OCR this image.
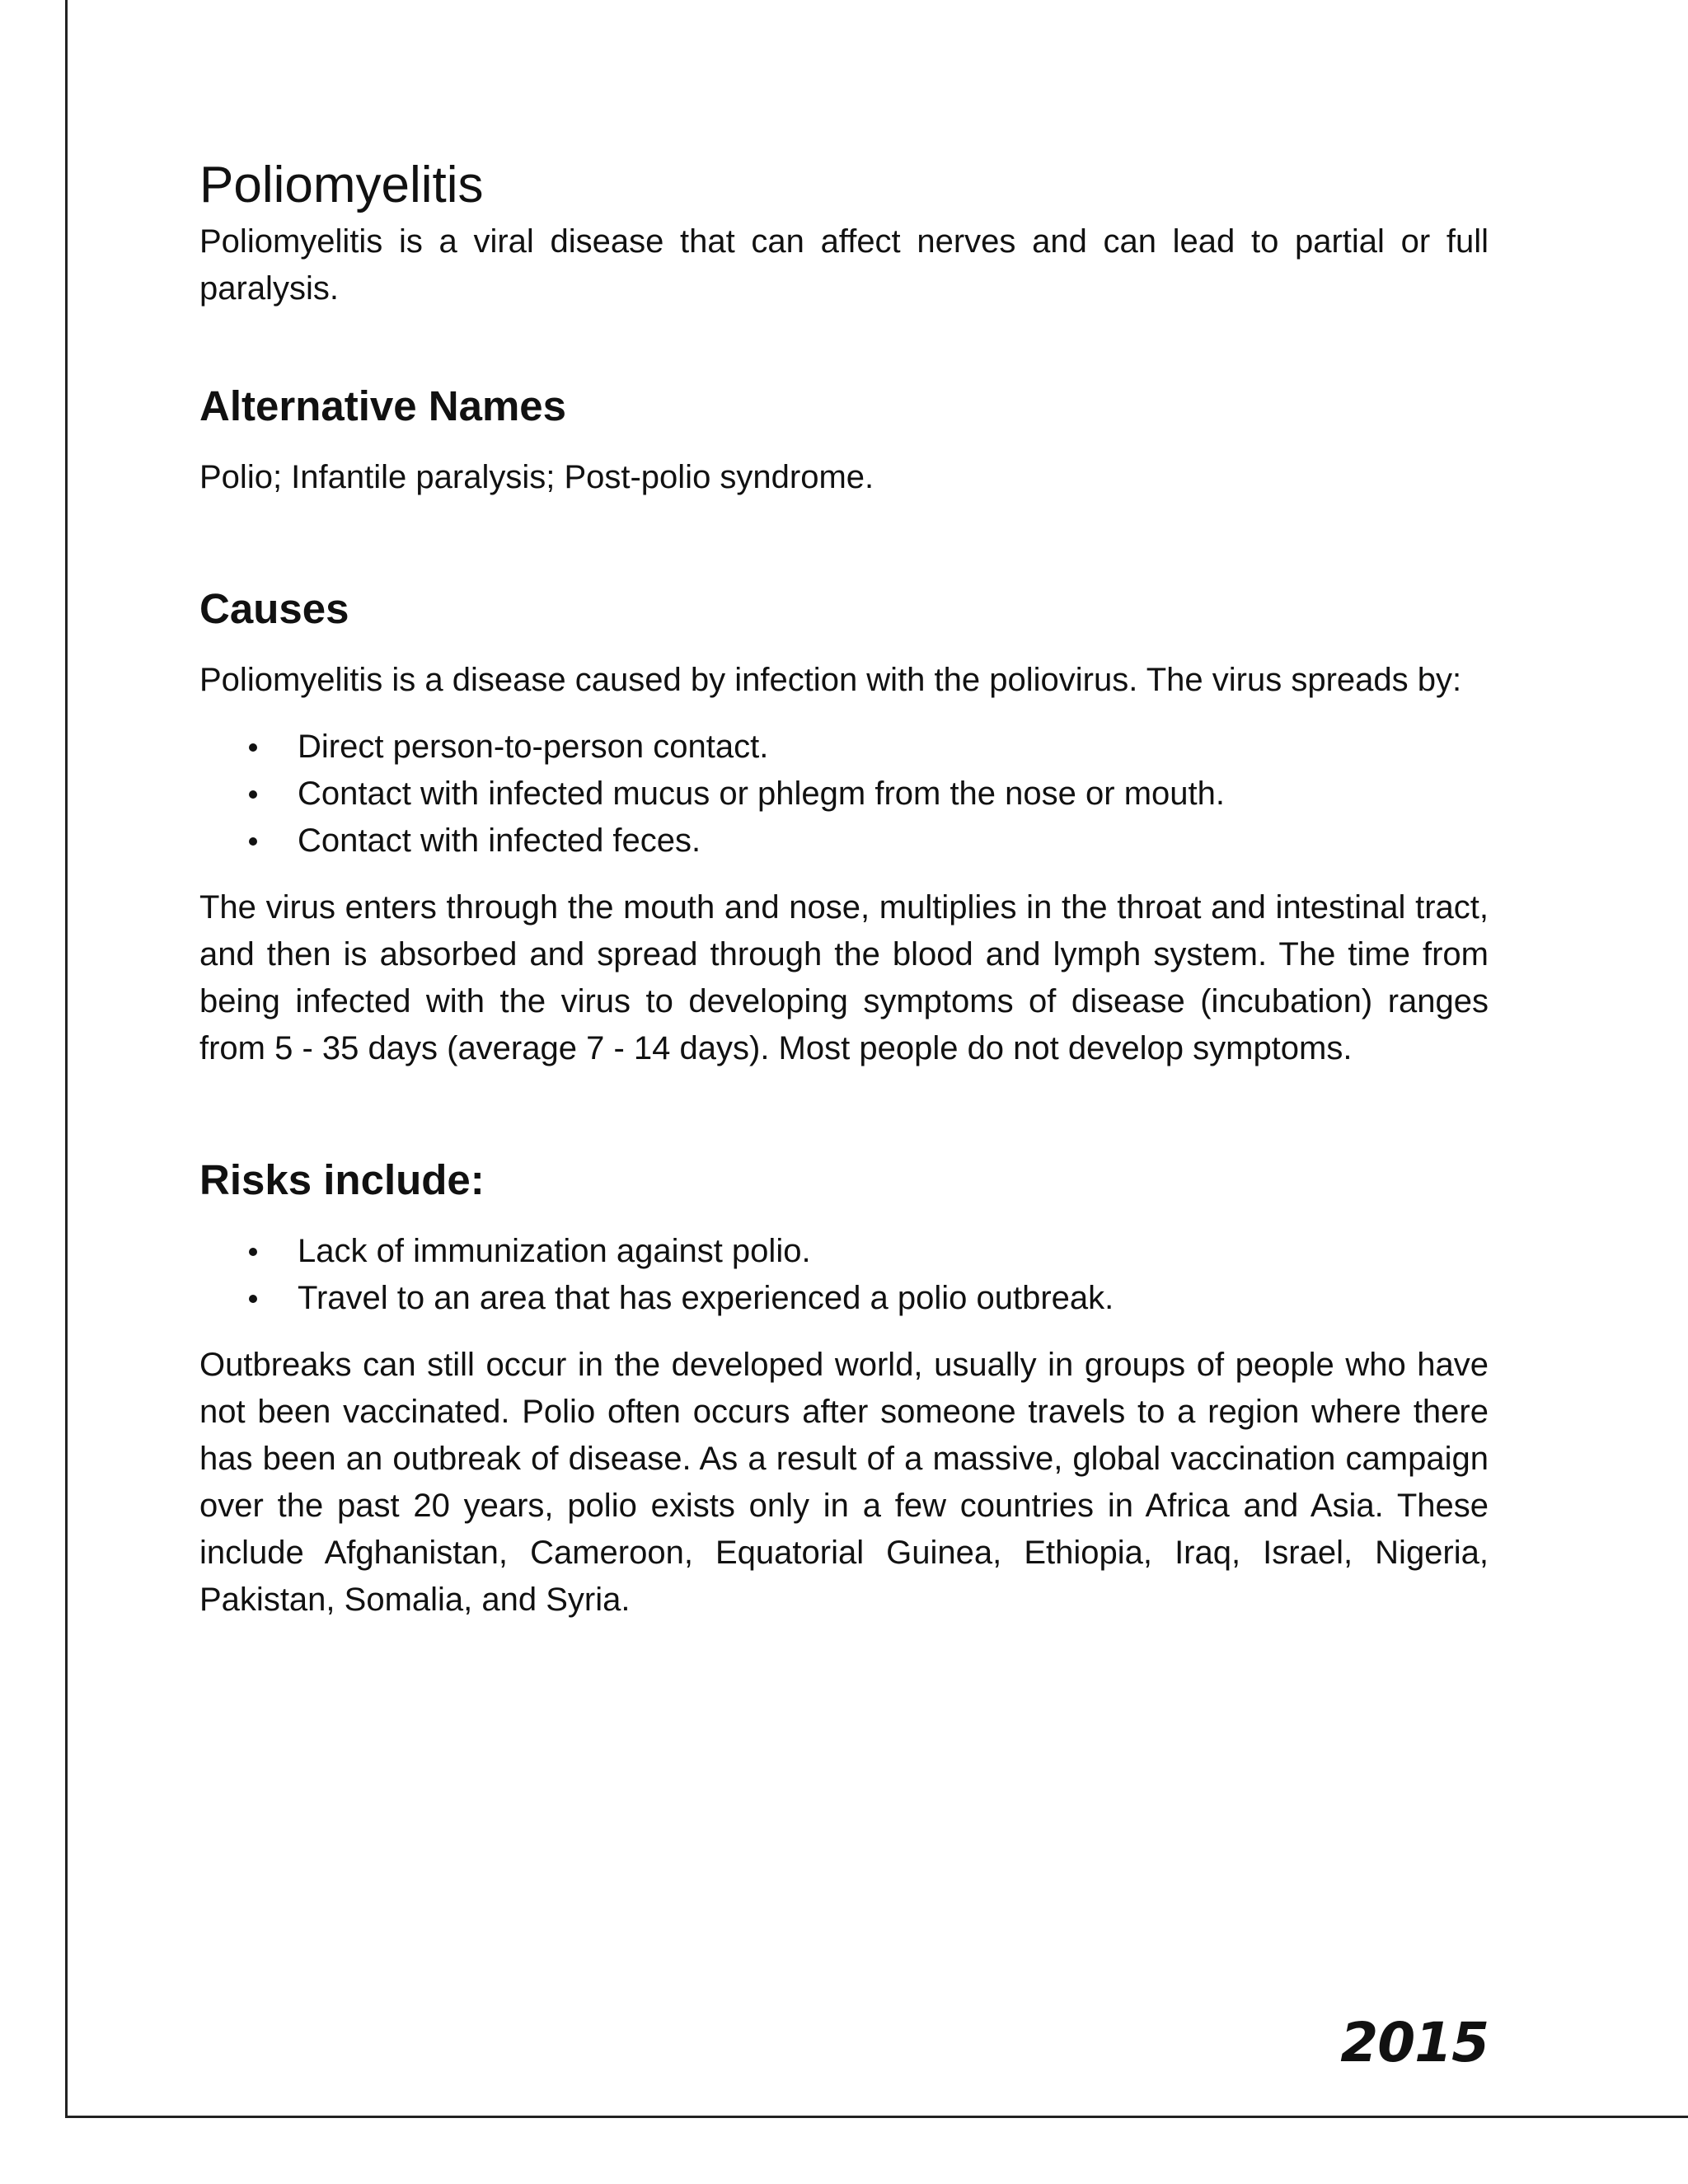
Poliomyelitis

Poliomyelitis is a viral disease that can affect nerves and can lead to partial or full paralysis.

Alternative Names

Polio; Infantile paralysis; Post-polio syndrome.

Causes

Poliomyelitis is a disease caused by infection with the poliovirus. The virus spreads by:

Direct person-to-person contact.
Contact with infected mucus or phlegm from the nose or mouth.
Contact with infected feces.

The virus enters through the mouth and nose, multiplies in the throat and intestinal tract, and then is absorbed and spread through the blood and lymph system. The time from being infected with the virus to developing symptoms of disease (incubation) ranges from 5 - 35 days (average 7 - 14 days). Most people do not develop symptoms.

Risks include:
Lack of immunization against polio.
Travel to an area that has experienced a polio outbreak.

Outbreaks can still occur in the developed world, usually in groups of people who have not been vaccinated. Polio often occurs after someone travels to a region where there has been an outbreak of disease. As a result of a massive, global vaccination campaign over the past 20 years, polio exists only in a few countries in Africa and Asia. These include Afghanistan, Cameroon, Equatorial Guinea, Ethiopia, Iraq, Israel, Nigeria, Pakistan, Somalia, and Syria.

2015
